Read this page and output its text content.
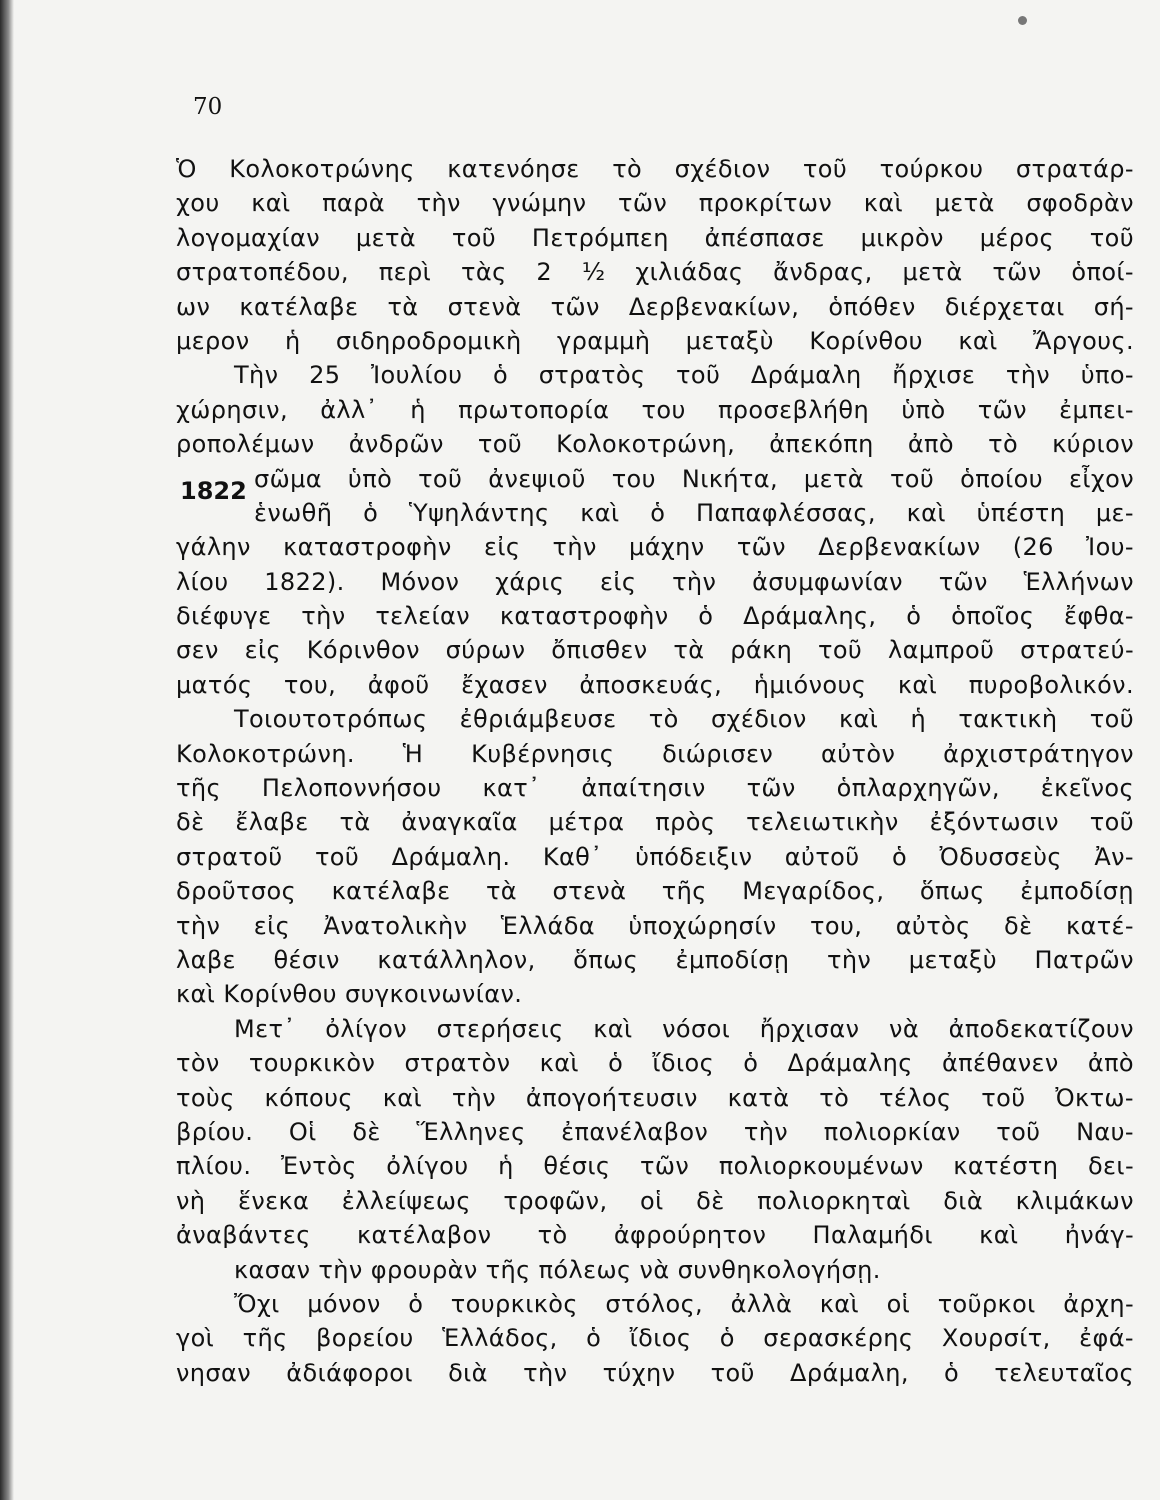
70
1822
Ὁ Κολοκοτρώνης κατενόησε τὸ σχέδιον τοῦ τούρκου στρατάρ-
χου καὶ παρὰ τὴν γνώμην τῶν προκρίτων καὶ μετὰ σφοδρὰν
λογομαχίαν μετὰ τοῦ Πετρόμπεη ἀπέσπασε μικρὸν μέρος τοῦ
στρατοπέδου, περὶ τὰς 2 ½ χιλιάδας ἄνδρας, μετὰ τῶν ὁποί-
ων κατέλαβε τὰ στενὰ τῶν Δερβενακίων, ὁπόθεν διέρχεται σή-
μερον ἡ σιδηροδρομικὴ γραμμὴ μεταξὺ Κορίνθου καὶ Ἄργους.
Τὴν 25 Ἰουλίου ὁ στρατὸς τοῦ Δράμαλη ἤρχισε τὴν ὑπο-
χώρησιν, ἀλλ᾽ ἡ πρωτοπορία του προσεβλήθη ὑπὸ τῶν ἐμπει-
ροπολέμων ἀνδρῶν τοῦ Κολοκοτρώνη, ἀπεκόπη ἀπὸ τὸ κύριον
σῶμα ὑπὸ τοῦ ἀνεψιοῦ του Νικήτα, μετὰ τοῦ ὁποίου εἶχον
ἑνωθῆ ὁ Ὑψηλάντης καὶ ὁ Παπαφλέσσας, καὶ ὑπέστη με-
γάλην καταστροφὴν εἰς τὴν μάχην τῶν Δερβενακίων (26 Ἰου-
λίου 1822). Μόνον χάρις εἰς τὴν ἀσυμφωνίαν τῶν Ἑλλήνων
διέφυγε τὴν τελείαν καταστροφὴν ὁ Δράμαλης, ὁ ὁποῖος ἔφθα-
σεν εἰς Κόρινθον σύρων ὄπισθεν τὰ ράκη τοῦ λαμπροῦ στρατεύ-
ματός του, ἀφοῦ ἔχασεν ἀποσκευάς, ἡμιόνους καὶ πυροβολικόν.
Τοιουτοτρόπως ἐθριάμβευσε τὸ σχέδιον καὶ ἡ τακτικὴ τοῦ
Κολοκοτρώνη. Ἡ Κυβέρνησις διώρισεν αὐτὸν ἀρχιστράτηγον
τῆς Πελοποννήσου κατ᾽ ἀπαίτησιν τῶν ὁπλαρχηγῶν, ἐκεῖνος
δὲ ἔλαβε τὰ ἀναγκαῖα μέτρα πρὸς τελειωτικὴν ἐξόντωσιν τοῦ
στρατοῦ τοῦ Δράμαλη. Καθ᾽ ὑπόδειξιν αὐτοῦ ὁ Ὀδυσσεὺς Ἀν-
δροῦτσος κατέλαβε τὰ στενὰ τῆς Μεγαρίδος, ὅπως ἐμποδίσῃ
τὴν εἰς Ἀνατολικὴν Ἑλλάδα ὑποχώρησίν του, αὐτὸς δὲ κατέ-
λαβε θέσιν κατάλληλον, ὅπως ἐμποδίσῃ τὴν μεταξὺ Πατρῶν
καὶ Κορίνθου συγκοινωνίαν.
Μετ᾽ ὀλίγον στερήσεις καὶ νόσοι ἤρχισαν νὰ ἀποδεκατίζουν
τὸν τουρκικὸν στρατὸν καὶ ὁ ἴδιος ὁ Δράμαλης ἀπέθανεν ἀπὸ
τοὺς κόπους καὶ τὴν ἀπογοήτευσιν κατὰ τὸ τέλος τοῦ Ὀκτω-
βρίου. Οἱ δὲ Ἕλληνες ἐπανέλαβον τὴν πολιορκίαν τοῦ Ναυ-
πλίου. Ἐντὸς ὀλίγου ἡ θέσις τῶν πολιορκουμένων κατέστη δει-
νὴ ἕνεκα ἐλλείψεως τροφῶν, οἱ δὲ πολιορκηταὶ διὰ κλιμάκων
ἀναβάντες κατέλαβον τὸ ἀφρούρητον Παλαμήδι καὶ ἠνάγ-
κασαν τὴν φρουρὰν τῆς πόλεως νὰ συνθηκολογήσῃ.
Ὄχι μόνον ὁ τουρκικὸς στόλος, ἀλλὰ καὶ οἱ τοῦρκοι ἀρχη-
γοὶ τῆς βορείου Ἑλλάδος, ὁ ἴδιος ὁ σερασκέρης Χουρσίτ, ἐφά-
νησαν ἀδιάφοροι διὰ τὴν τύχην τοῦ Δράμαλη, ὁ τελευταῖος
